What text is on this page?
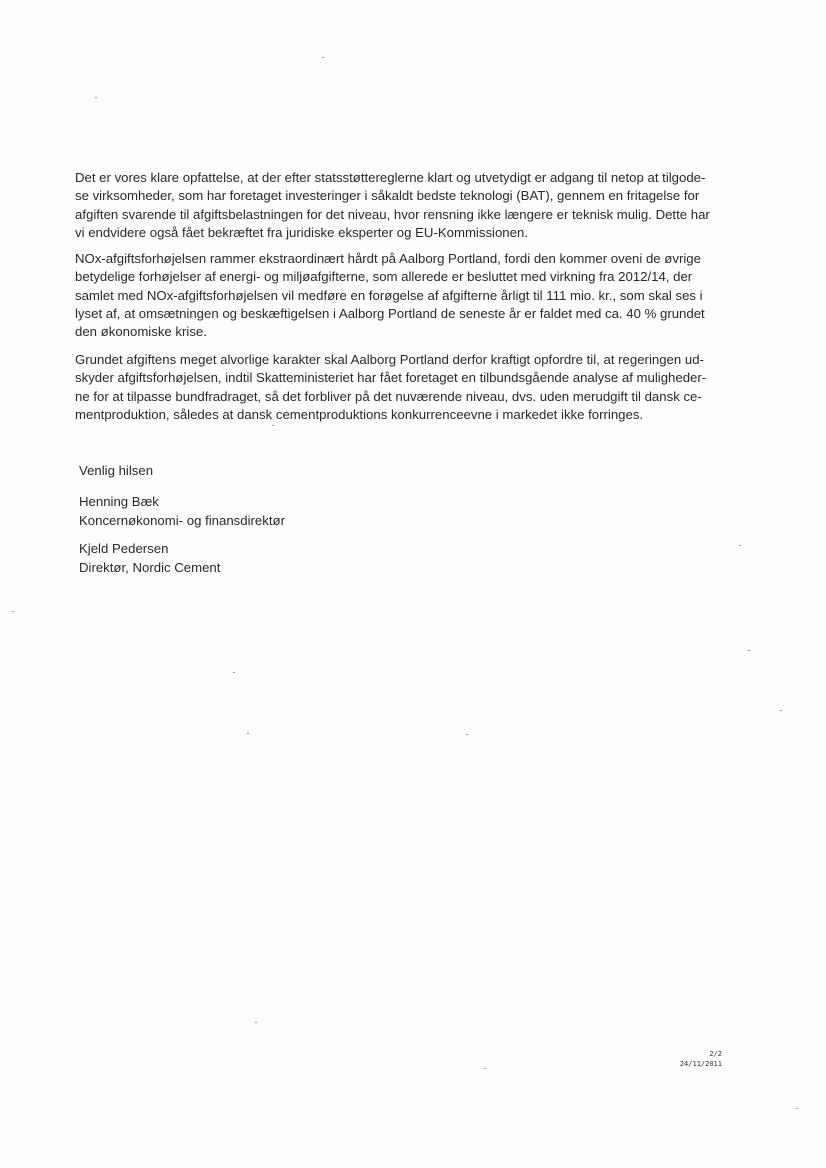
Det er vores klare opfattelse, at der efter statsstøttereglerne klart og utvetydigt er adgang til netop at tilgode-
se virksomheder, som har foretaget investeringer i såkaldt bedste teknologi (BAT), gennem en fritagelse for
afgiften svarende til afgiftsbelastningen for det niveau, hvor rensning ikke længere er teknisk mulig. Dette har
vi endvidere også fået bekræftet fra juridiske eksperter og EU-Kommissionen.
NOx-afgiftsforhøjelsen rammer ekstraordinært hårdt på Aalborg Portland, fordi den kommer oveni de øvrige
betydelige forhøjelser af energi- og miljøafgifterne, som allerede er besluttet med virkning fra 2012/14, der
samlet med NOx-afgiftsforhøjelsen vil medføre en forøgelse af afgifterne årligt til 111 mio. kr., som skal ses i
lyset af, at omsætningen og beskæftigelsen i Aalborg Portland de seneste år er faldet med ca. 40 % grundet
den økonomiske krise.
Grundet afgiftens meget alvorlige karakter skal Aalborg Portland derfor kraftigt opfordre til, at regeringen ud-
skyder afgiftsforhøjelsen, indtil Skatteministeriet har fået foretaget en tilbundsgående analyse af muligheder-
ne for at tilpasse bundfradraget, så det forbliver på det nuværende niveau, dvs. uden merudgift til dansk ce-
mentproduktion, således at dansk cementproduktions konkurrenceevne i markedet ikke forringes.
Venlig hilsen
Henning Bæk
Koncernøkonomi- og finansdirektør
Kjeld Pedersen
Direktør, Nordic Cement
2/2
24/11/2011
